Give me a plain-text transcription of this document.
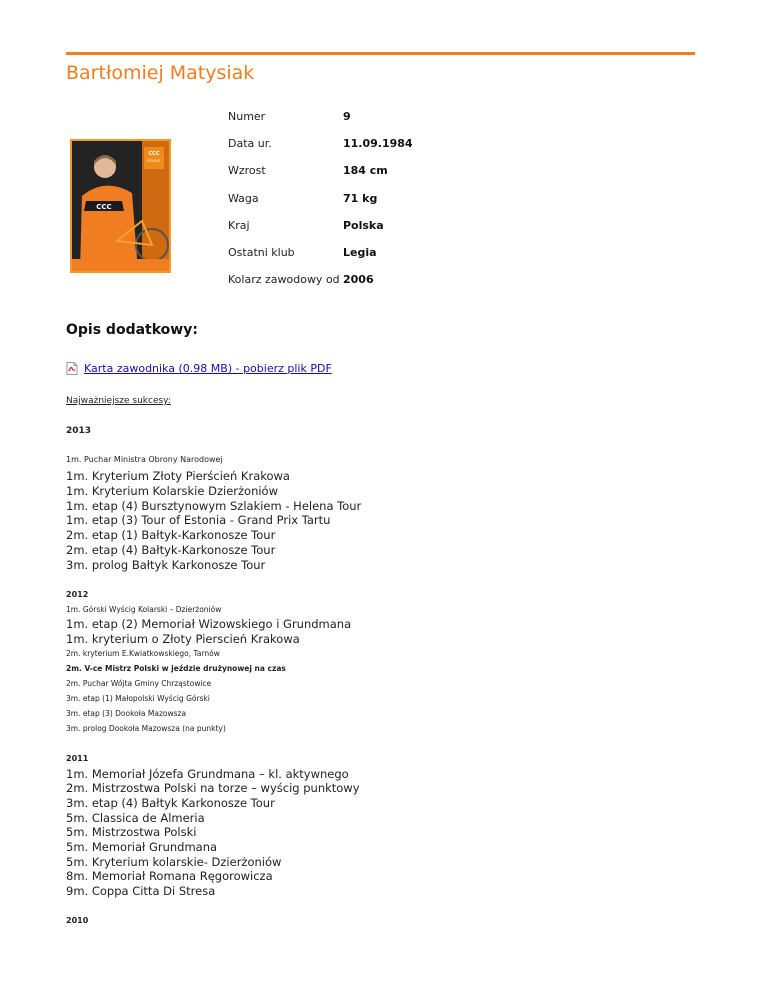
Bartłomiej Matysiak
CCC
POLSAT
CCC
Numer	9
Data ur.	11.09.1984
Wzrost	184 cm
Waga	71 kg
Kraj	Polska
Ostatni klub	Legia
Kolarz zawodowy od	2006
Opis dodatkowy:
Karta zawodnika (0.98 MB) - pobierz plik PDF
Najważniejsze sukcesy:
2013
1m. Puchar Ministra Obrony Narodowej
1m. Kryterium Złoty Pierścień Krakowa
1m. Kryterium Kolarskie Dzierżoniów
1m. etap (4) Bursztynowym Szlakiem - Helena Tour
1m. etap (3) Tour of Estonia - Grand Prix Tartu
2m. etap (1) Bałtyk-Karkonosze Tour
2m. etap (4) Bałtyk-Karkonosze Tour
3m. prolog Bałtyk Karkonosze Tour
2012
1m. Górski Wyścig Kolarski – Dzierżoniów
1m. etap (2) Memoriał Wizowskiego i Grundmana
1m. kryterium o Złoty Pierscień Krakowa
2m. kryterium E.Kwiatkowskiego, Tarnów
2m. V-ce Mistrz Polski w jeździe drużynowej na czas
2m. Puchar Wójta Gminy Chrząstowice
3m. etap (1) Małopolski Wyścig Górski
3m. etap (3) Dookoła Mazowsza
3m. prolog Dookoła Mazowsza (na punkty)
2011
1m. Memoriał Józefa Grundmana – kl. aktywnego
2m. Mistrzostwa Polski na torze – wyścig punktowy
3m. etap (4) Bałtyk Karkonosze Tour
5m. Classica de Almeria
5m. Mistrzostwa Polski
5m. Memoriał Grundmana
5m. Kryterium kolarskie- Dzierżoniów
8m. Memoriał Romana Ręgorowicza
9m. Coppa Citta Di Stresa
2010
